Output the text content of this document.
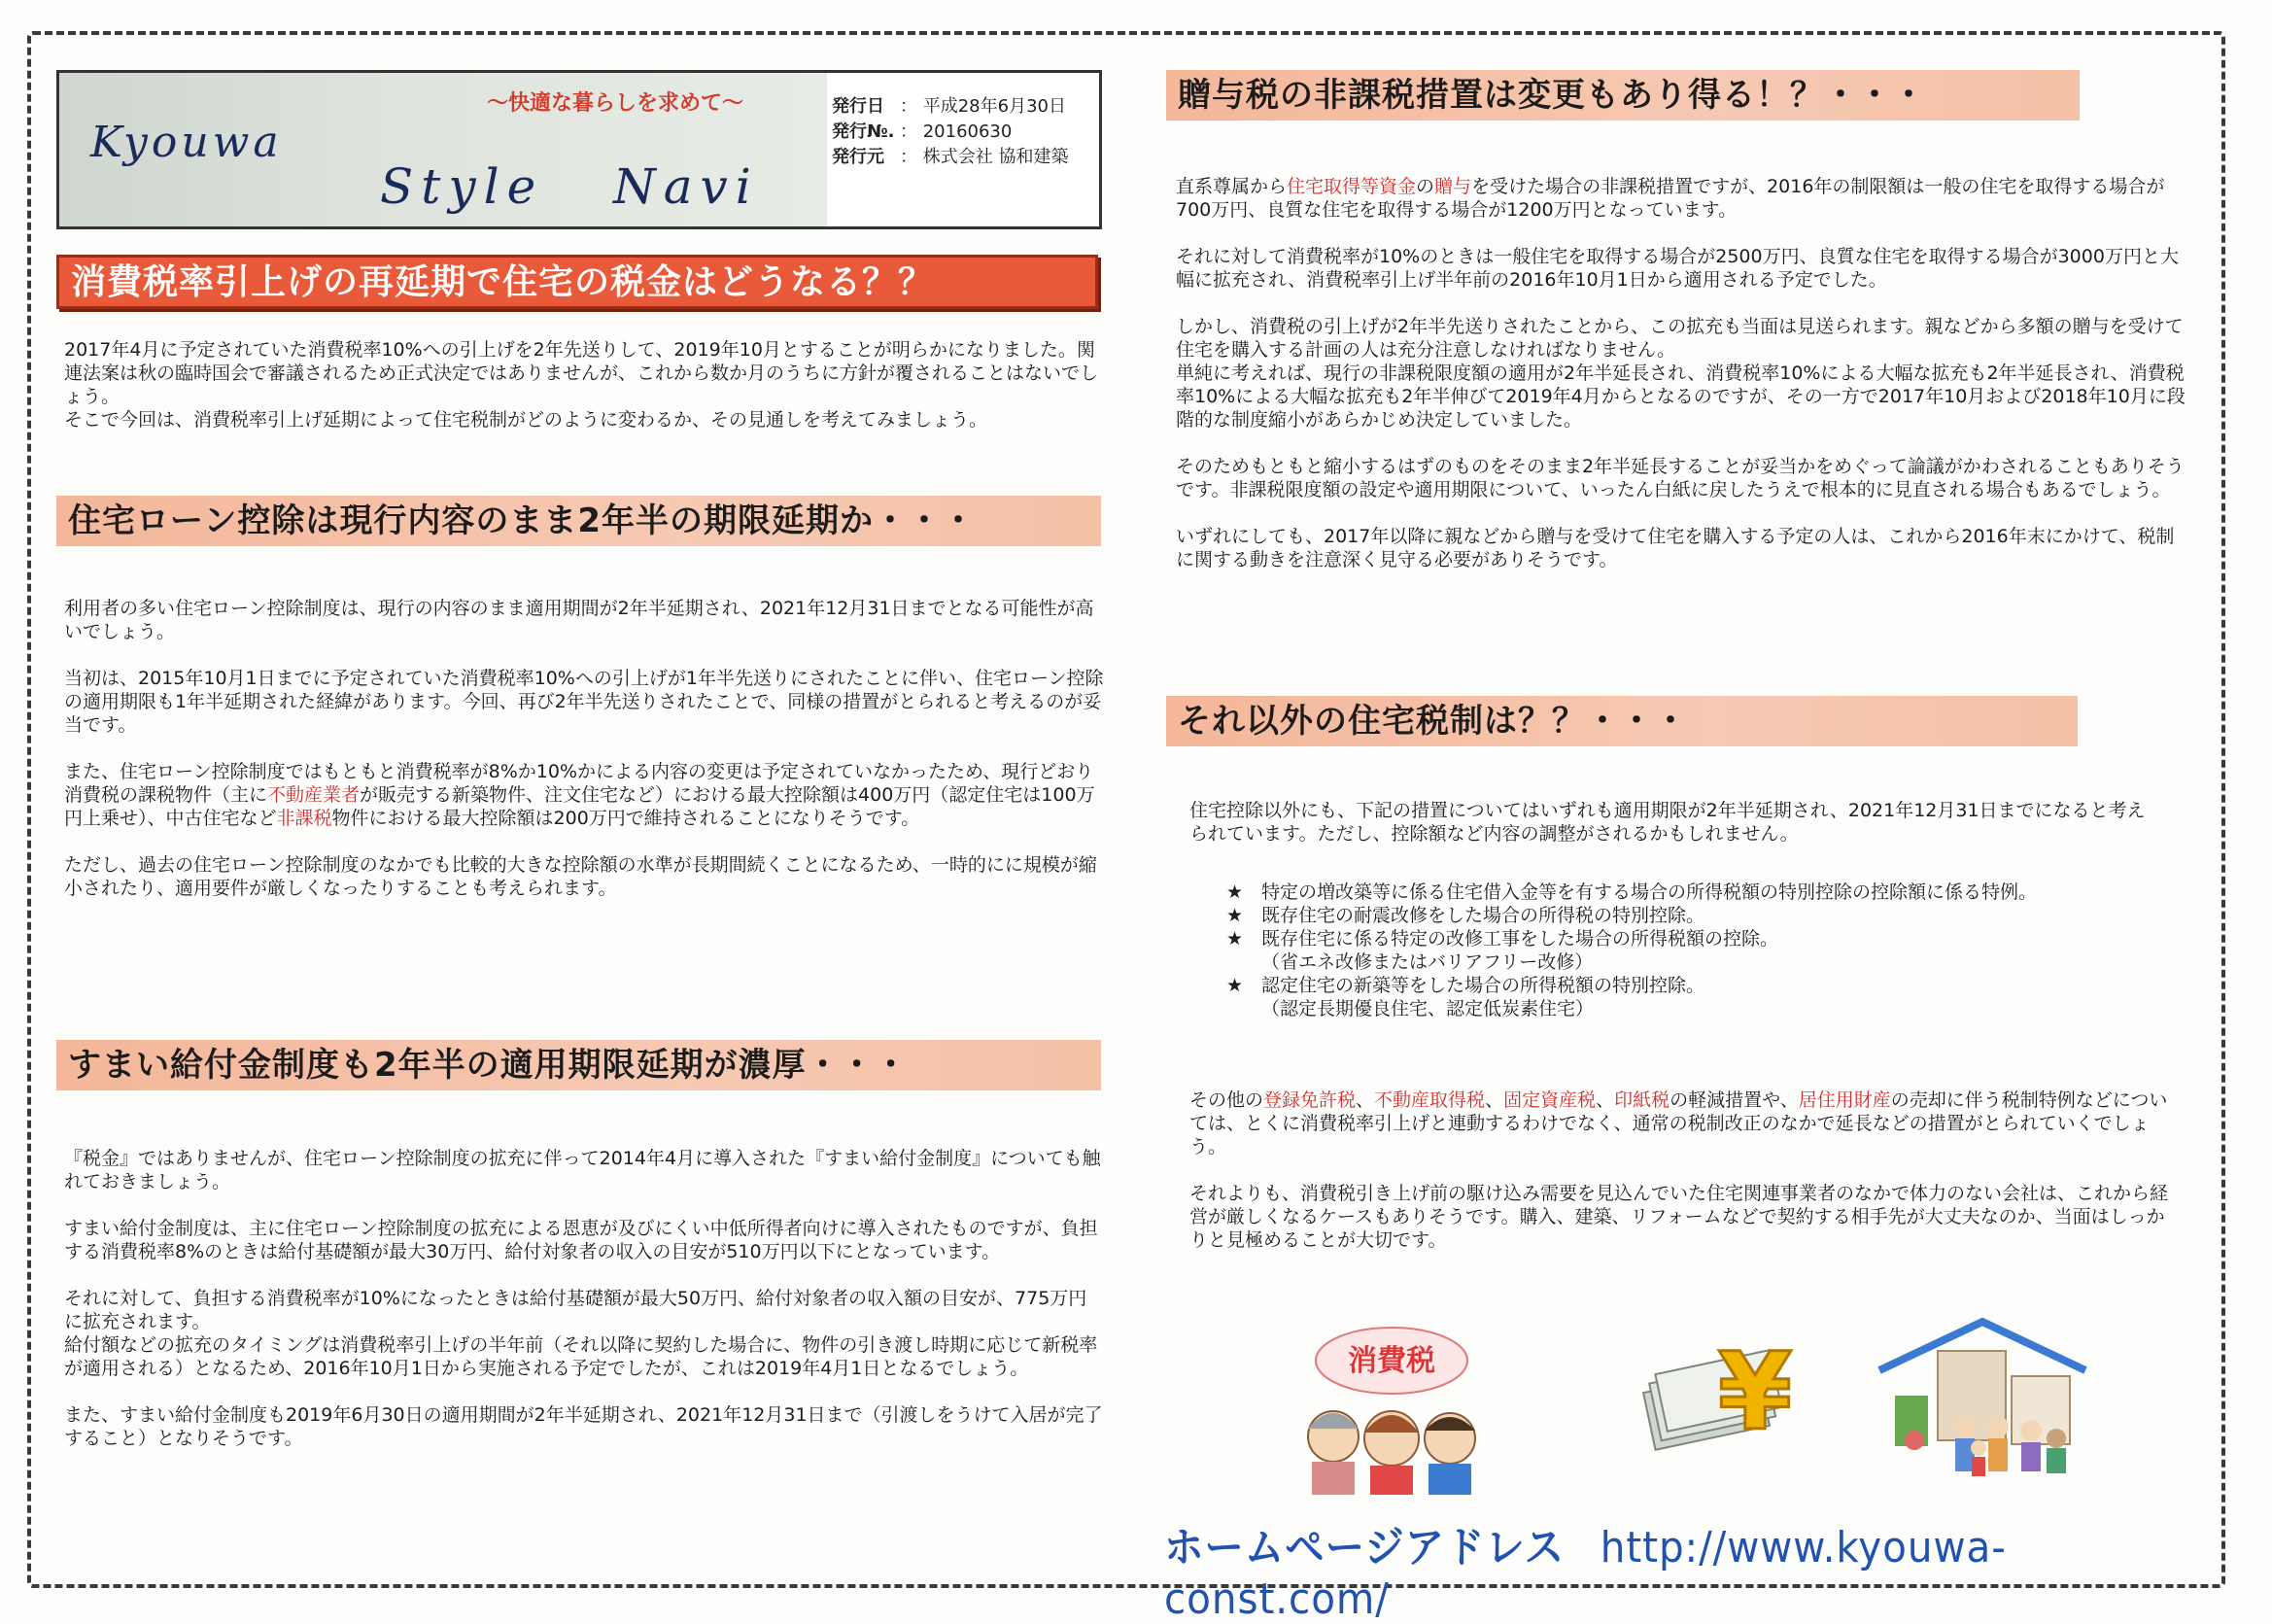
Kyouwa
Style Navi
～快適な暮らしを求めて～	発行日 ： 平成28年6月30日
発行№. ： 20160630
発行元 ： 株式会社 協和建築
消費税率引上げの再延期で住宅の税金はどうなる？？
2017年4月に予定されていた消費税率10%への引上げを2年先送りして、2019年10月とすることが明らかになりました。関連法案は秋の臨時国会で審議されるため正式決定ではありませんが、これから数か月のうちに方針が覆されることはないでしょう。
そこで今回は、消費税率引上げ延期によって住宅税制がどのように変わるか、その見通しを考えてみましょう。
住宅ローン控除は現行内容のまま2年半の期限延期か・・・
利用者の多い住宅ローン控除制度は、現行の内容のまま適用期間が2年半延期され、2021年12月31日までとなる可能性が高いでしょう。
当初は、2015年10月1日までに予定されていた消費税率10%への引上げが1年半先送りにされたことに伴い、住宅ローン控除の適用期限も1年半延期された経緯があります。今回、再び2年半先送りされたことで、同様の措置がとられると考えるのが妥当です。
また、住宅ローン控除制度ではもともと消費税率が8%か10%かによる内容の変更は予定されていなかったため、現行どおり消費税の課税物件（主に不動産業者が販売する新築物件、注文住宅など）における最大控除額は400万円（認定住宅は100万円上乗せ）、中古住宅など非課税物件における最大控除額は200万円で維持されることになりそうです。
ただし、過去の住宅ローン控除制度のなかでも比較的大きな控除額の水準が長期間続くことになるため、一時的にに規模が縮小されたり、適用要件が厳しくなったりすることも考えられます。
すまい給付金制度も2年半の適用期限延期が濃厚・・・
『税金』ではありませんが、住宅ローン控除制度の拡充に伴って2014年4月に導入された『すまい給付金制度』についても触れておきましょう。
すまい給付金制度は、主に住宅ローン控除制度の拡充による恩恵が及びにくい中低所得者向けに導入されたものですが、負担する消費税率8%のときは給付基礎額が最大30万円、給付対象者の収入の目安が510万円以下にとなっています。
それに対して、負担する消費税率が10%になったときは給付基礎額が最大50万円、給付対象者の収入額の目安が、775万円に拡充されます。
給付額などの拡充のタイミングは消費税率引上げの半年前（それ以降に契約した場合に、物件の引き渡し時期に応じて新税率が適用される）となるため、2016年10月1日から実施される予定でしたが、これは2019年4月1日となるでしょう。
また、すまい給付金制度も2019年6月30日の適用期間が2年半延期され、2021年12月31日まで（引渡しをうけて入居が完了すること）となりそうです。
贈与税の非課税措置は変更もあり得る！？・・・
直系尊属から住宅取得等資金の贈与を受けた場合の非課税措置ですが、2016年の制限額は一般の住宅を取得する場合が700万円、良質な住宅を取得する場合が1200万円となっています。
それに対して消費税率が10%のときは一般住宅を取得する場合が2500万円、良質な住宅を取得する場合が3000万円と大幅に拡充され、消費税率引上げ半年前の2016年10月1日から適用される予定でした。
しかし、消費税の引上げが2年半先送りされたことから、この拡充も当面は見送られます。親などから多額の贈与を受けて住宅を購入する計画の人は充分注意しなければなりません。
単純に考えれば、現行の非課税限度額の適用が2年半延長され、消費税率10%による大幅な拡充も2年半延長され、消費税率10%による大幅な拡充も2年半伸びて2019年4月からとなるのですが、その一方で2017年10月および2018年10月に段階的な制度縮小があらかじめ決定していました。
そのためもともと縮小するはずのものをそのまま2年半延長することが妥当かをめぐって論議がかわされることもありそうです。非課税限度額の設定や適用期限について、いったん白紙に戻したうえで根本的に見直される場合もあるでしょう。
いずれにしても、2017年以降に親などから贈与を受けて住宅を購入する予定の人は、これから2016年末にかけて、税制に関する動きを注意深く見守る必要がありそうです。
それ以外の住宅税制は？？・・・
住宅控除以外にも、下記の措置についてはいずれも適用期限が2年半延期され、2021年12月31日までになると考えられています。ただし、控除額など内容の調整がされるかもしれません。
★ 特定の増改築等に係る住宅借入金等を有する場合の所得税額の特別控除の控除額に係る特例。
★ 既存住宅の耐震改修をした場合の所得税の特別控除。
★ 既存住宅に係る特定の改修工事をした場合の所得税額の控除。
（省エネ改修またはバリアフリー改修）
★ 認定住宅の新築等をした場合の所得税額の特別控除。
（認定長期優良住宅、認定低炭素住宅）
その他の登録免許税、不動産取得税、固定資産税、印紙税の軽減措置や、居住用財産の売却に伴う税制特例などについては、とくに消費税率引上げと連動するわけでなく、通常の税制改正のなかで延長などの措置がとられていくでしょう。
それよりも、消費税引き上げ前の駆け込み需要を見込んでいた住宅関連事業者のなかで体力のない会社は、これから経営が厳しくなるケースもありそうです。購入、建築、リフォームなどで契約する相手先が大丈夫なのか、当面はしっかりと見極めることが大切です。
消費税	¥
ホームページアドレス http://www.kyouwa-const.com/
